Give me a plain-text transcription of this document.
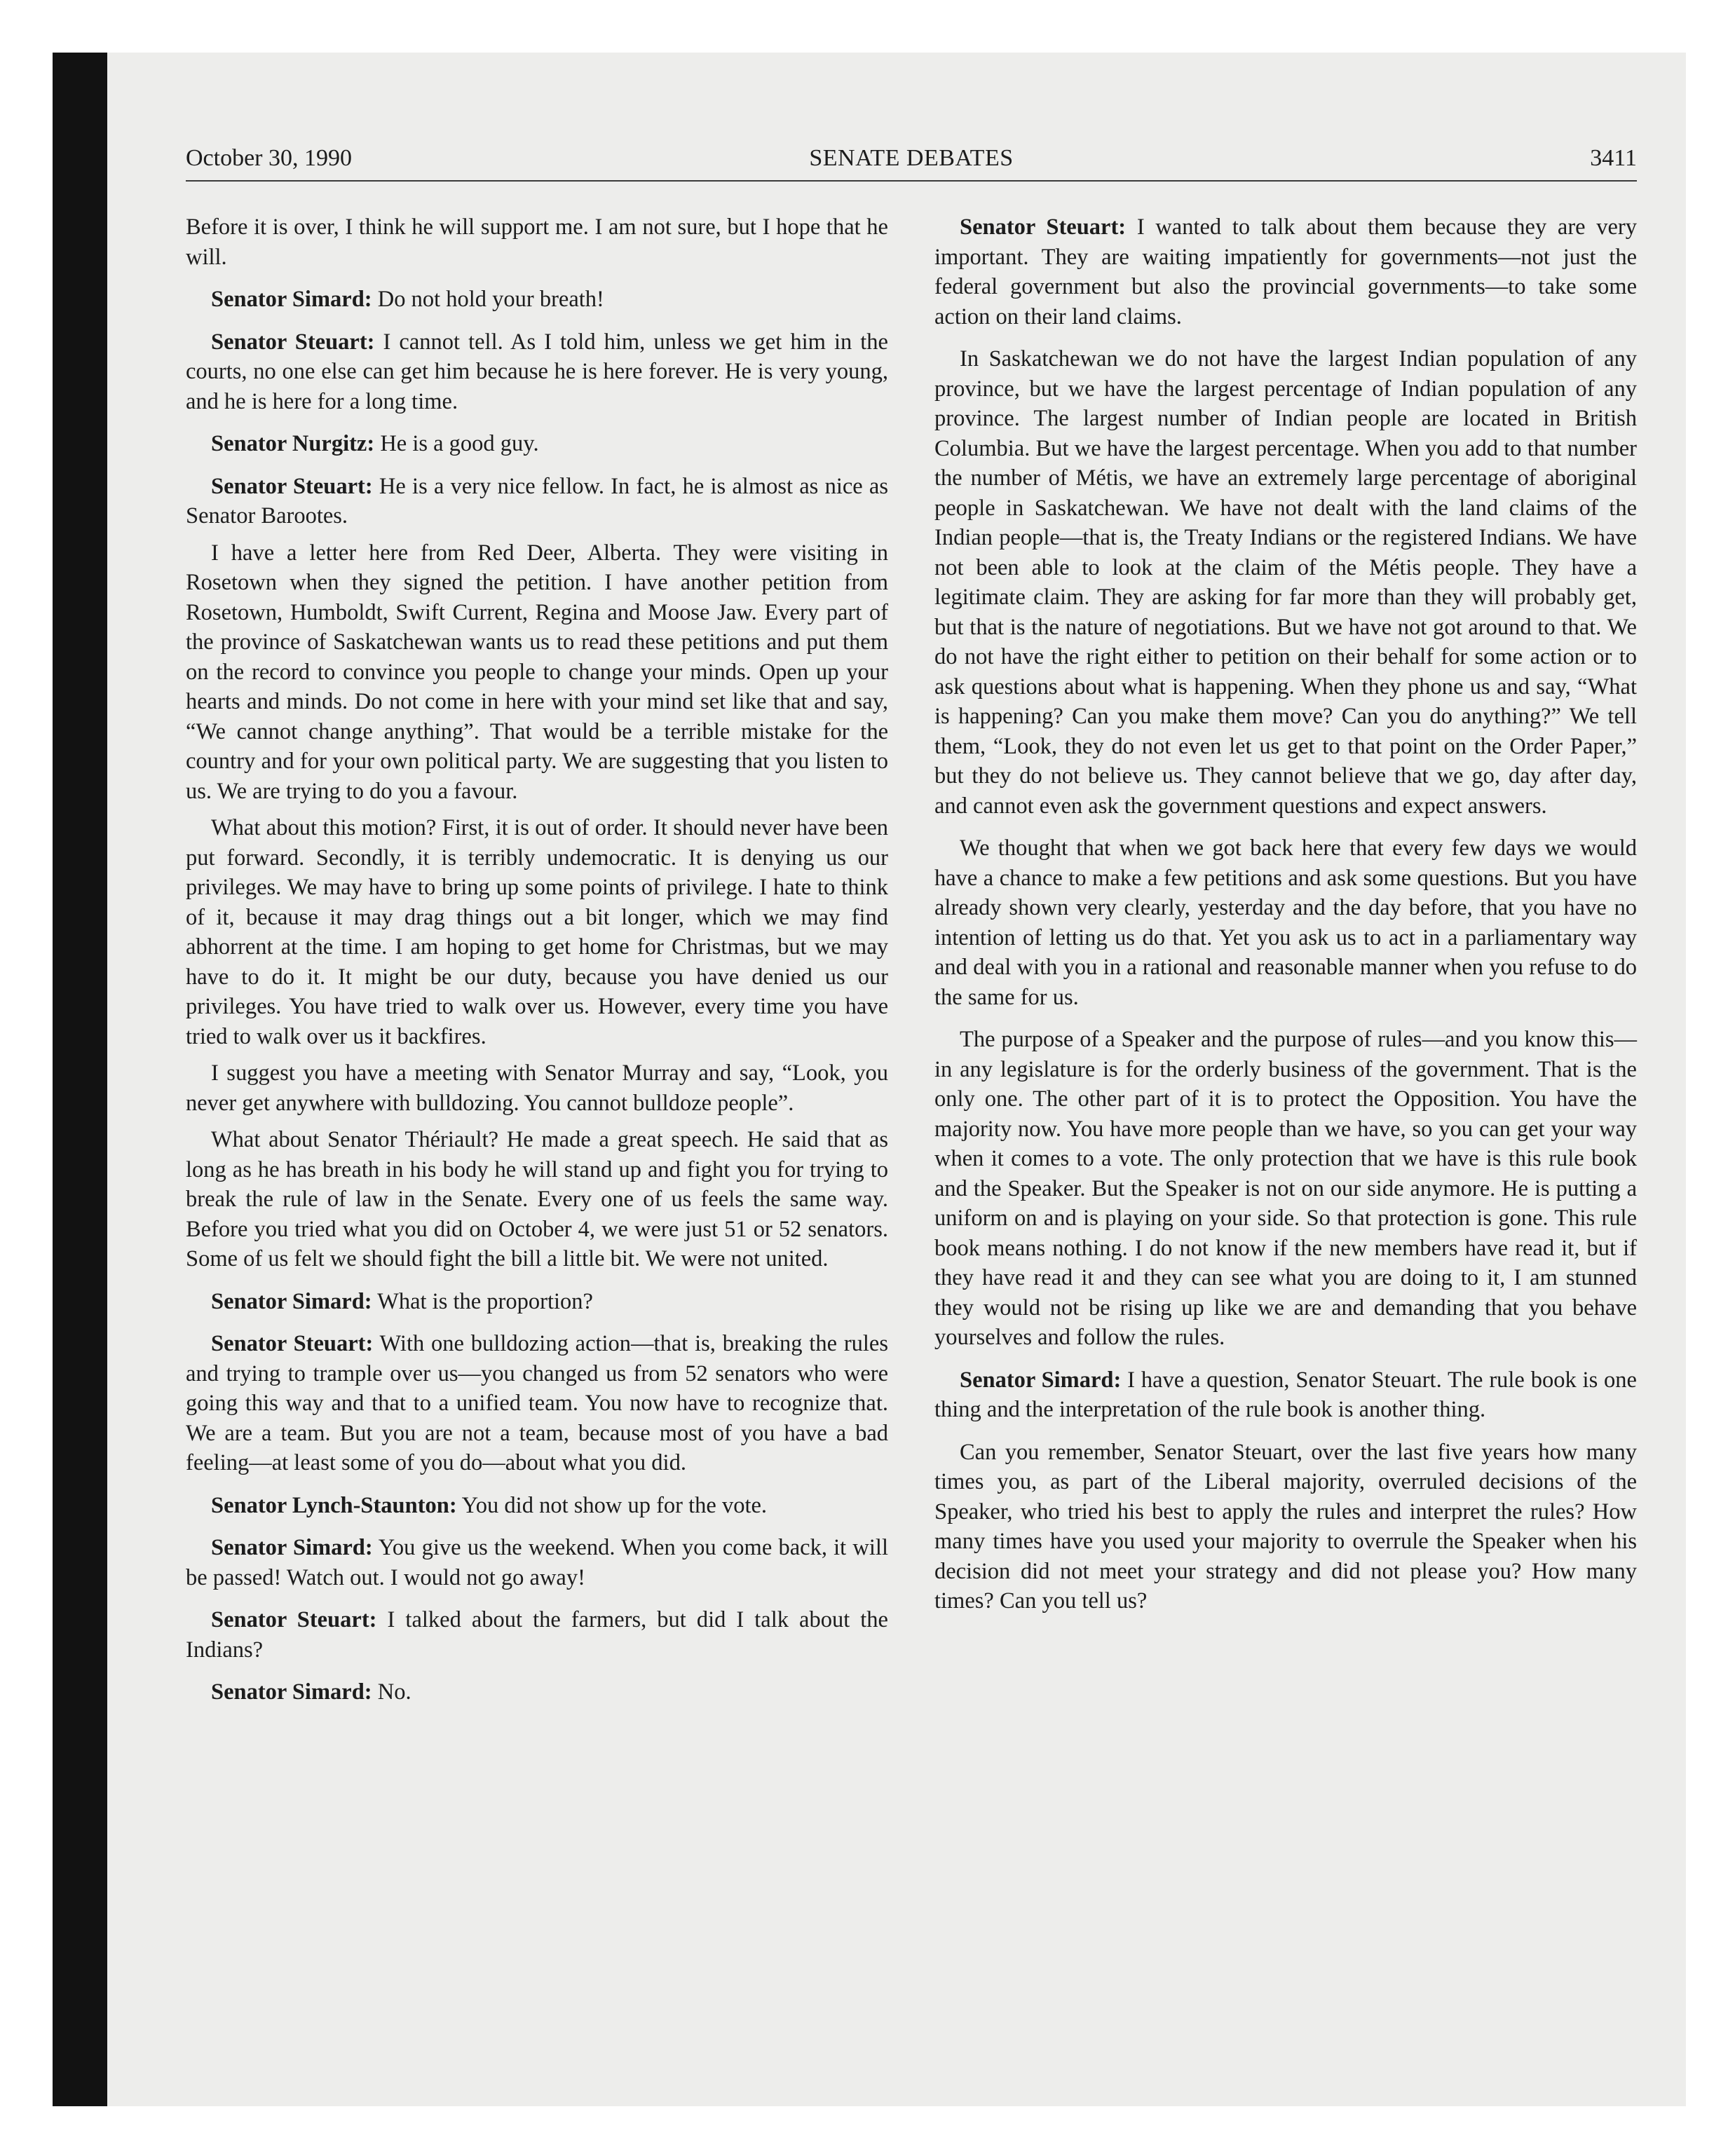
October 30, 1990	SENATE DEBATES	3411

Before it is over, I think he will support me. I am not sure, but I hope that he will.

Senator Simard: Do not hold your breath!

Senator Steuart: I cannot tell. As I told him, unless we get him in the courts, no one else can get him because he is here forever. He is very young, and he is here for a long time.

Senator Nurgitz: He is a good guy.

Senator Steuart: He is a very nice fellow. In fact, he is almost as nice as Senator Barootes.

I have a letter here from Red Deer, Alberta. They were visiting in Rosetown when they signed the petition. I have another petition from Rosetown, Humboldt, Swift Current, Regina and Moose Jaw. Every part of the province of Saskatchewan wants us to read these petitions and put them on the record to convince you people to change your minds. Open up your hearts and minds. Do not come in here with your mind set like that and say, “We cannot change anything”. That would be a terrible mistake for the country and for your own political party. We are suggesting that you listen to us. We are trying to do you a favour.

What about this motion? First, it is out of order. It should never have been put forward. Secondly, it is terribly undemocratic. It is denying us our privileges. We may have to bring up some points of privilege. I hate to think of it, because it may drag things out a bit longer, which we may find abhorrent at the time. I am hoping to get home for Christmas, but we may have to do it. It might be our duty, because you have denied us our privileges. You have tried to walk over us. However, every time you have tried to walk over us it backfires.

I suggest you have a meeting with Senator Murray and say, “Look, you never get anywhere with bulldozing. You cannot bulldoze people”.

What about Senator Thériault? He made a great speech. He said that as long as he has breath in his body he will stand up and fight you for trying to break the rule of law in the Senate. Every one of us feels the same way. Before you tried what you did on October 4, we were just 51 or 52 senators. Some of us felt we should fight the bill a little bit. We were not united.

Senator Simard: What is the proportion?

Senator Steuart: With one bulldozing action—that is, breaking the rules and trying to trample over us—you changed us from 52 senators who were going this way and that to a unified team. You now have to recognize that. We are a team. But you are not a team, because most of you have a bad feeling—at least some of you do—about what you did.

Senator Lynch-Staunton: You did not show up for the vote.

Senator Simard: You give us the weekend. When you come back, it will be passed! Watch out. I would not go away!

Senator Steuart: I talked about the farmers, but did I talk about the Indians?

Senator Simard: No.

Senator Steuart: I wanted to talk about them because they are very important. They are waiting impatiently for governments—not just the federal government but also the provincial governments—to take some action on their land claims.

In Saskatchewan we do not have the largest Indian population of any province, but we have the largest percentage of Indian population of any province. The largest number of Indian people are located in British Columbia. But we have the largest percentage. When you add to that number the number of Métis, we have an extremely large percentage of aboriginal people in Saskatchewan. We have not dealt with the land claims of the Indian people—that is, the Treaty Indians or the registered Indians. We have not been able to look at the claim of the Métis people. They have a legitimate claim. They are asking for far more than they will probably get, but that is the nature of negotiations. But we have not got around to that. We do not have the right either to petition on their behalf for some action or to ask questions about what is happening. When they phone us and say, “What is happening? Can you make them move? Can you do anything?” We tell them, “Look, they do not even let us get to that point on the Order Paper,” but they do not believe us. They cannot believe that we go, day after day, and cannot even ask the government questions and expect answers.

We thought that when we got back here that every few days we would have a chance to make a few petitions and ask some questions. But you have already shown very clearly, yesterday and the day before, that you have no intention of letting us do that. Yet you ask us to act in a parliamentary way and deal with you in a rational and reasonable manner when you refuse to do the same for us.

The purpose of a Speaker and the purpose of rules—and you know this—in any legislature is for the orderly business of the government. That is the only one. The other part of it is to protect the Opposition. You have the majority now. You have more people than we have, so you can get your way when it comes to a vote. The only protection that we have is this rule book and the Speaker. But the Speaker is not on our side anymore. He is putting a uniform on and is playing on your side. So that protection is gone. This rule book means nothing. I do not know if the new members have read it, but if they have read it and they can see what you are doing to it, I am stunned they would not be rising up like we are and demanding that you behave yourselves and follow the rules.

Senator Simard: I have a question, Senator Steuart. The rule book is one thing and the interpretation of the rule book is another thing.

Can you remember, Senator Steuart, over the last five years how many times you, as part of the Liberal majority, overruled decisions of the Speaker, who tried his best to apply the rules and interpret the rules? How many times have you used your majority to overrule the Speaker when his decision did not meet your strategy and did not please you? How many times? Can you tell us?
